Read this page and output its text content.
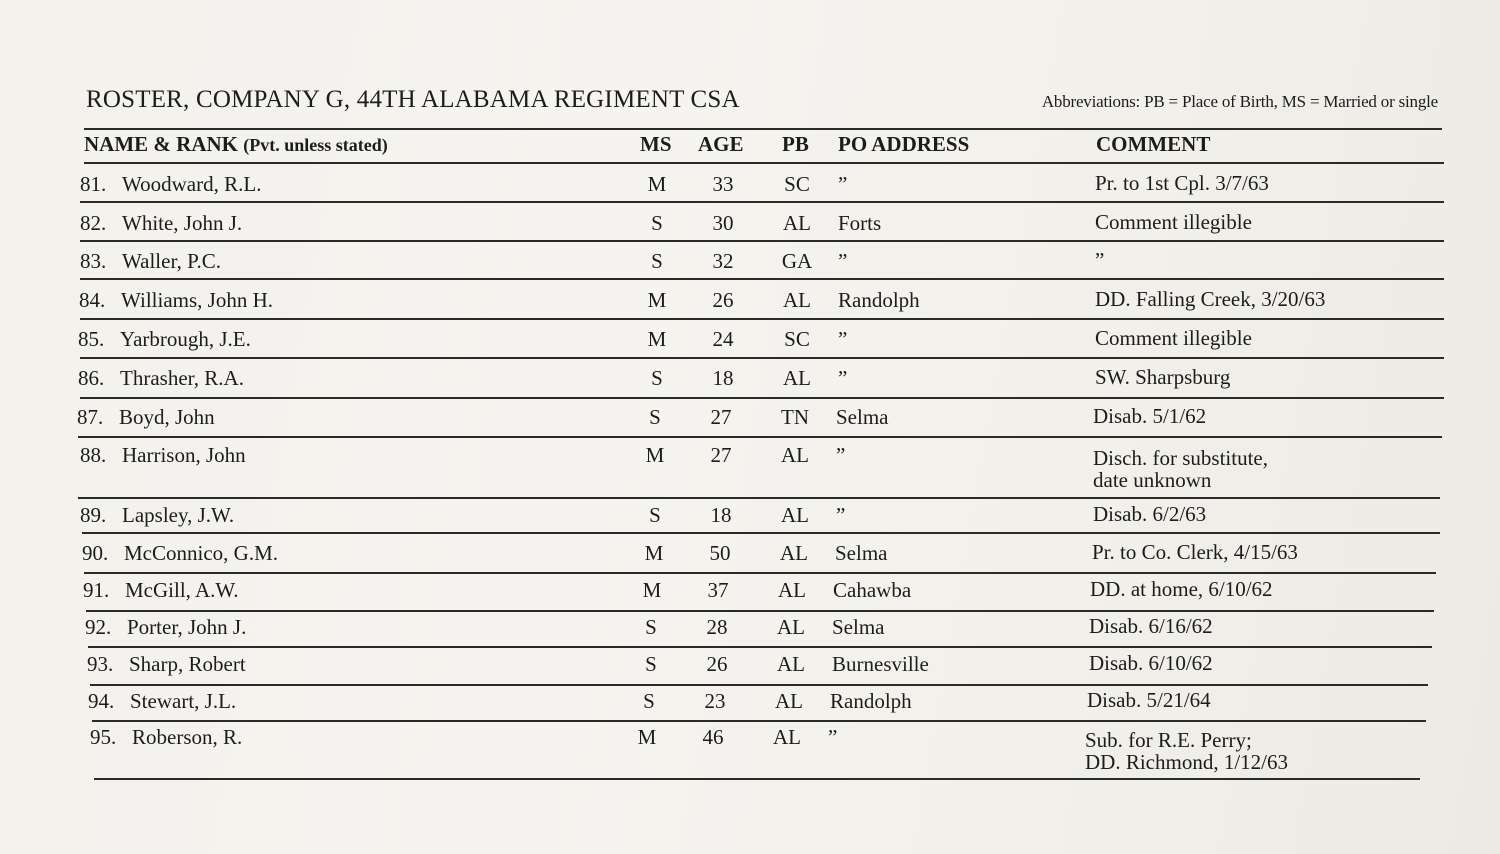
ROSTER, COMPANY G, 44TH ALABAMA REGIMENT CSA	Abbreviations: PB = Place of Birth, MS = Married or single
NAME & RANK (Pvt. unless stated)	MS AGE PB PO ADDRESS	COMMENT
81. Woodward, R.L.	M 33 SC ”	Pr. to 1st Cpl. 3/7/63
82. White, John J.	S 30 AL Forts	Comment illegible
83. Waller, P.C.	S 32 GA ”	”
84. Williams, John H.	M 26 AL Randolph	DD. Falling Creek, 3/20/63
85. Yarbrough, J.E.	M 24 SC ”	Comment illegible
86. Thrasher, R.A.	S 18 AL ”	SW. Sharpsburg
87. Boyd, John	S 27 TN Selma	Disab. 5/1/62
88. Harrison, John	M 27 AL ”	Disch. for substitute,
date unknown
89. Lapsley, J.W.	S 18 AL ”	Disab. 6/2/63
90. McConnico, G.M.	M 50 AL Selma	Pr. to Co. Clerk, 4/15/63
91. McGill, A.W.	M 37 AL Cahawba	DD. at home, 6/10/62
92. Porter, John J.	S 28 AL Selma	Disab. 6/16/62
93. Sharp, Robert	S 26 AL Burnesville	Disab. 6/10/62
94. Stewart, J.L.	S 23 AL Randolph	Disab. 5/21/64
95. Roberson, R.	M 46 AL ”	Sub. for R.E. Perry;
DD. Richmond, 1/12/63
